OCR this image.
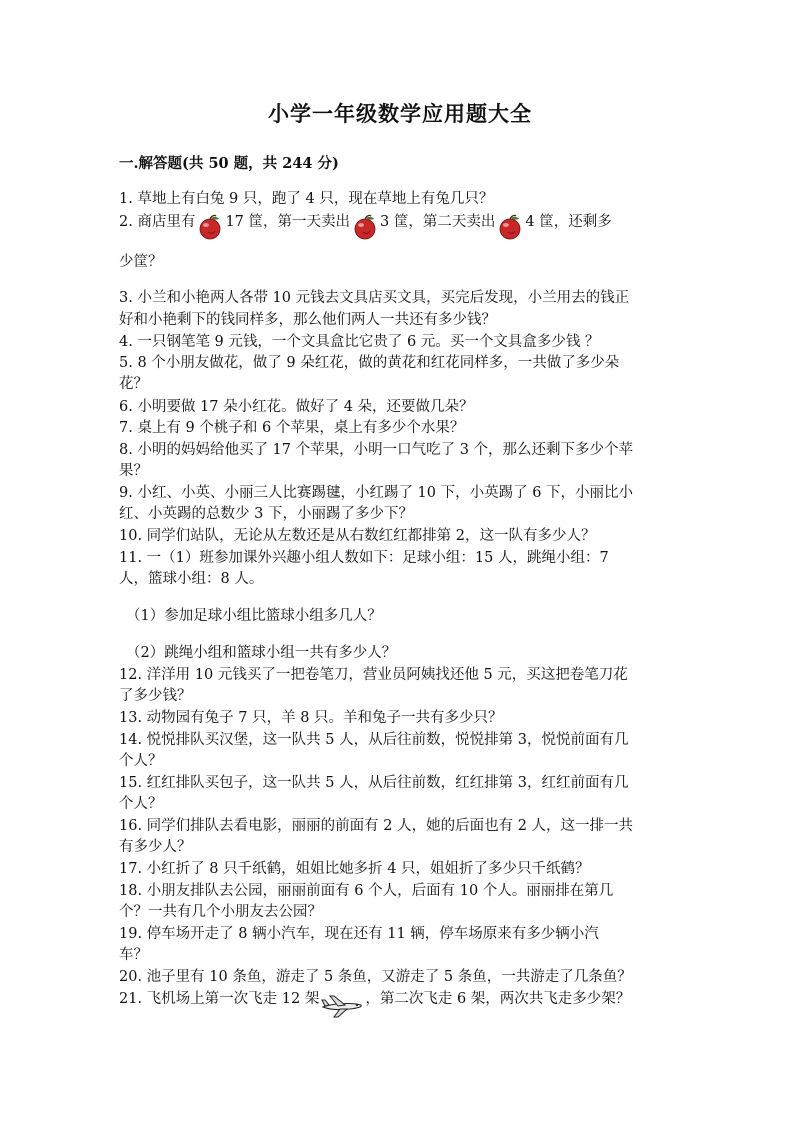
小学一年级数学应用题大全
一.解答题(共 50 题，共 244 分)
1. 草地上有白兔 9 只，跑了 4 只，现在草地上有兔几只？
2. 商店里有 17 筐，第一天卖出 3 筐，第二天卖出 4 筐，还剩多
少筐？
3. 小兰和小艳两人各带 10 元钱去文具店买文具，买完后发现，小兰用去的钱正
好和小艳剩下的钱同样多，那么他们两人一共还有多少钱？
4. 一只钢笔笔 9 元钱，一个文具盒比它贵了 6 元。买一个文具盒多少钱 ？
5. 8 个小朋友做花，做了 9 朵红花，做的黄花和红花同样多，一共做了多少朵
花？
6. 小明要做 17 朵小红花。做好了 4 朵，还要做几朵？
7. 桌上有 9 个桃子和 6 个苹果，桌上有多少个水果？
8. 小明的妈妈给他买了 17 个苹果，小明一口气吃了 3 个，那么还剩下多少个苹
果？
9. 小红、小英、小丽三人比赛踢毽，小红踢了 10 下，小英踢了 6 下，小丽比小
红、小英踢的总数少 3 下，小丽踢了多少下？
10. 同学们站队，无论从左数还是从右数红红都排第 2，这一队有多少人？
11. 一（1）班参加课外兴趣小组人数如下：足球小组：15 人，跳绳小组：7
人，篮球小组：8 人。
（1）参加足球小组比篮球小组多几人？
（2）跳绳小组和篮球小组一共有多少人？
12. 洋洋用 10 元钱买了一把卷笔刀，营业员阿姨找还他 5 元，买这把卷笔刀花
了多少钱？
13. 动物园有兔子 7 只，羊 8 只。羊和兔子一共有多少只？
14. 悦悦排队买汉堡，这一队共 5 人，从后往前数，悦悦排第 3，悦悦前面有几
个人？
15. 红红排队买包子，这一队共 5 人，从后往前数，红红排第 3，红红前面有几
个人？
16. 同学们排队去看电影，丽丽的前面有 2 人，她的后面也有 2 人，这一排一共
有多少人？
17. 小红折了 8 只千纸鹤，姐姐比她多折 4 只，姐姐折了多少只千纸鹤？
18. 小朋友排队去公园，丽丽前面有 6 个人，后面有 10 个人。丽丽排在第几
个？一共有几个小朋友去公园？
19. 停车场开走了 8 辆小汽车，现在还有 11 辆，停车场原来有多少辆小汽
车？
20. 池子里有 10 条鱼，游走了 5 条鱼，又游走了 5 条鱼，一共游走了几条鱼？
21. 飞机场上第一次飞走 12 架	，第二次飞走 6 架，两次共飞走多少架？
